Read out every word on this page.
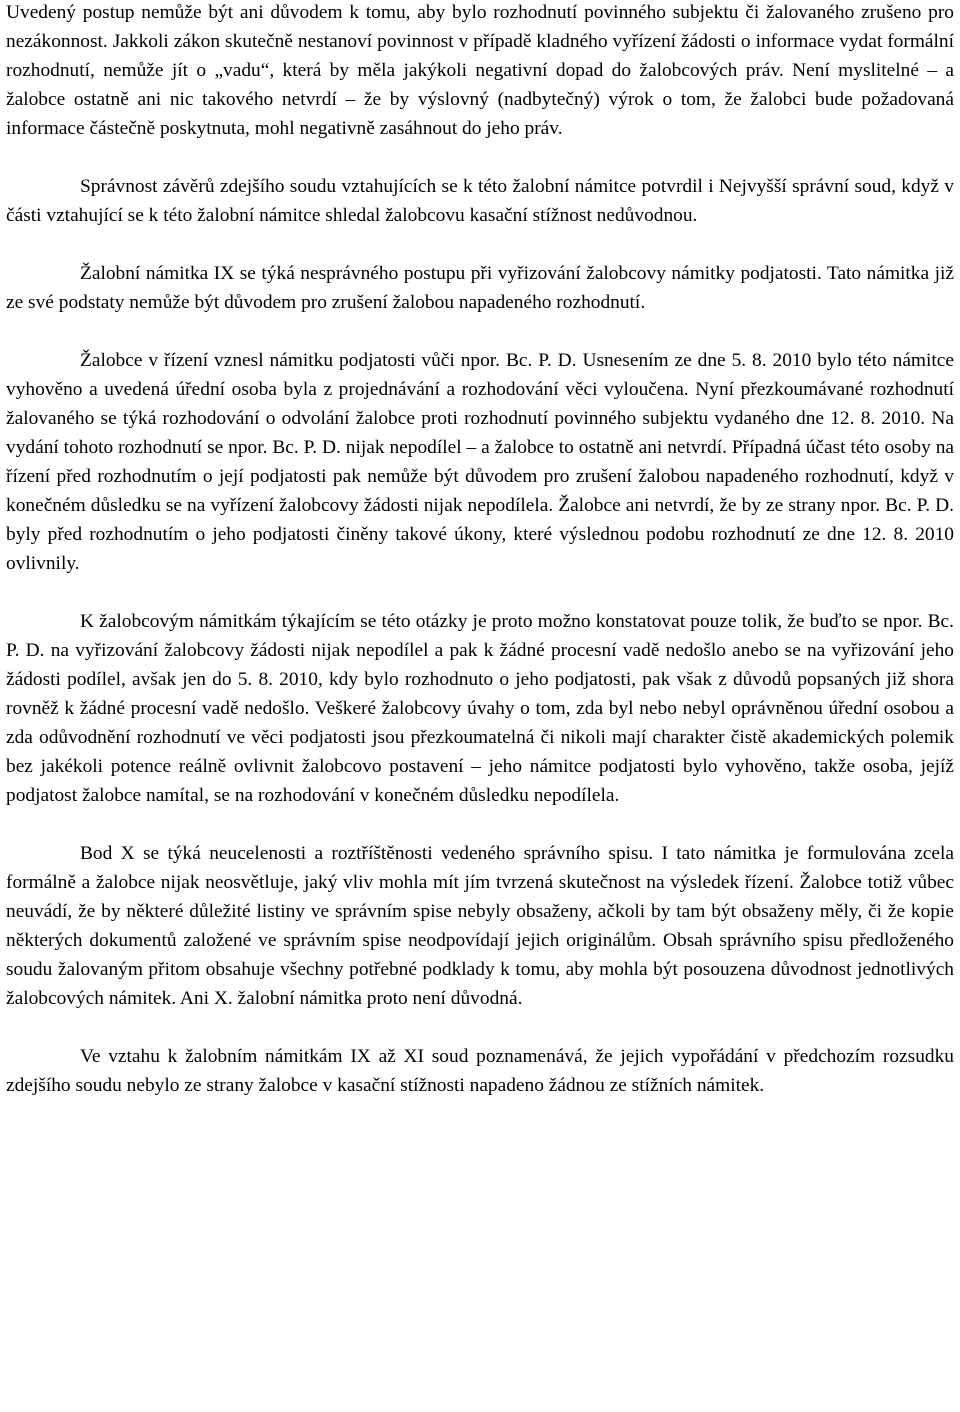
Uvedený postup nemůže být ani důvodem k tomu, aby bylo rozhodnutí povinného subjektu či žalovaného zrušeno pro nezákonnost. Jakkoli zákon skutečně nestanoví povinnost v případě kladného vyřízení žádosti o informace vydat formální rozhodnutí, nemůže jít o „vadu“, která by měla jakýkoli negativní dopad do žalobcových práv. Není myslitelné – a žalobce ostatně ani nic takového netvrdí – že by výslovný (nadbytečný) výrok o tom, že žalobci bude požadovaná informace částečně poskytnuta, mohl negativně zasáhnout do jeho práv.

Správnost závěrů zdejšího soudu vztahujících se k této žalobní námitce potvrdil i Nejvyšší správní soud, když v části vztahující se k této žalobní námitce shledal žalobcovu kasační stížnost nedůvodnou.

Žalobní námitka IX se týká nesprávného postupu při vyřizování žalobcovy námitky podjatosti. Tato námitka již ze své podstaty nemůže být důvodem pro zrušení žalobou napadeného rozhodnutí.

Žalobce v řízení vznesl námitku podjatosti vůči npor. Bc. P. D. Usnesením ze dne 5. 8. 2010 bylo této námitce vyhověno a uvedená úřední osoba byla z projednávání a rozhodování věci vyloučena. Nyní přezkoumávané rozhodnutí žalovaného se týká rozhodování o odvolání žalobce proti rozhodnutí povinného subjektu vydaného dne 12. 8. 2010. Na vydání tohoto rozhodnutí se npor. Bc. P. D. nijak nepodílel – a žalobce to ostatně ani netvrdí. Případná účast této osoby na řízení před rozhodnutím o její podjatosti pak nemůže být důvodem pro zrušení žalobou napadeného rozhodnutí, když v konečném důsledku se na vyřízení žalobcovy žádosti nijak nepodílela. Žalobce ani netvrdí, že by ze strany npor. Bc. P. D. byly před rozhodnutím o jeho podjatosti činěny takové úkony, které výslednou podobu rozhodnutí ze dne 12. 8. 2010 ovlivnily.

K žalobcovým námitkám týkajícím se této otázky je proto možno konstatovat pouze tolik, že buďto se npor. Bc. P. D. na vyřizování žalobcovy žádosti nijak nepodílel a pak k žádné procesní vadě nedošlo anebo se na vyřizování jeho žádosti podílel, avšak jen do 5. 8. 2010, kdy bylo rozhodnuto o jeho podjatosti, pak však z důvodů popsaných již shora rovněž k žádné procesní vadě nedošlo. Veškeré žalobcovy úvahy o tom, zda byl nebo nebyl oprávněnou úřední osobou a zda odůvodnění rozhodnutí ve věci podjatosti jsou přezkoumatelná či nikoli mají charakter čistě akademických polemik bez jakékoli potence reálně ovlivnit žalobcovo postavení – jeho námitce podjatosti bylo vyhověno, takže osoba, jejíž podjatost žalobce namítal, se na rozhodování v konečném důsledku nepodílela.

Bod X se týká neucelenosti a roztříštěnosti vedeného správního spisu. I tato námitka je formulována zcela formálně a žalobce nijak neosvětluje, jaký vliv mohla mít jím tvrzená skutečnost na výsledek řízení. Žalobce totiž vůbec neuvádí, že by některé důležité listiny ve správním spise nebyly obsaženy, ačkoli by tam být obsaženy měly, či že kopie některých dokumentů založené ve správním spise neodpovídají jejich originálům. Obsah správního spisu předloženého soudu žalovaným přitom obsahuje všechny potřebné podklady k tomu, aby mohla být posouzena důvodnost jednotlivých žalobcových námitek. Ani X. žalobní námitka proto není důvodná.

Ve vztahu k žalobním námitkám IX až XI soud poznamenává, že jejich vypořádání v předchozím rozsudku zdejšího soudu nebylo ze strany žalobce v kasační stížnosti napadeno žádnou ze stížních námitek.
